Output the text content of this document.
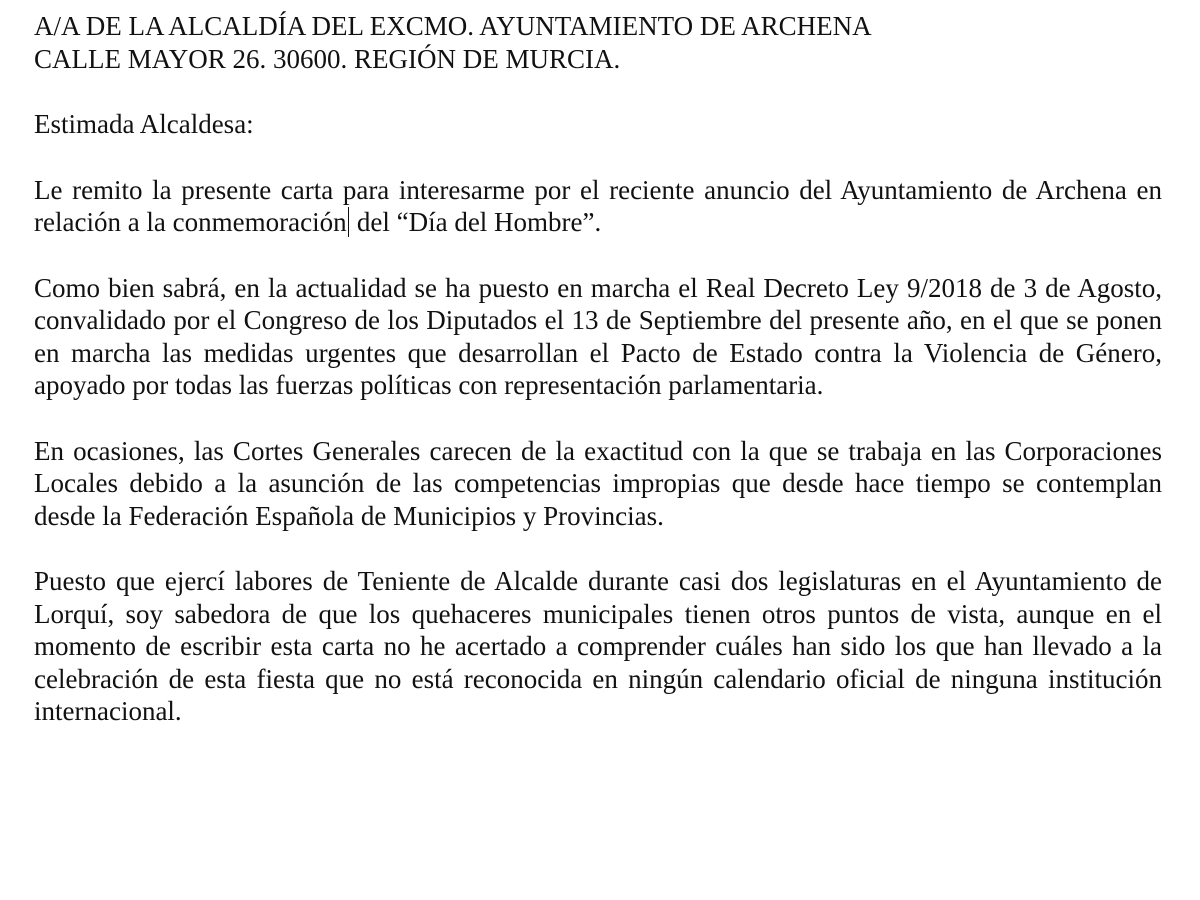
A/A DE LA ALCALDÍA DEL EXCMO. AYUNTAMIENTO DE ARCHENA
CALLE MAYOR 26. 30600. REGIÓN DE MURCIA.

Estimada Alcaldesa:

Le remito la presente carta para interesarme por el reciente anuncio del Ayuntamiento de Archena en relación a la conmemoración del “Día del Hombre”.

Como bien sabrá, en la actualidad se ha puesto en marcha el Real Decreto Ley 9/2018 de 3 de Agosto, convalidado por el Congreso de los Diputados el 13 de Septiembre del presente año, en el que se ponen en marcha las medidas urgentes que desarrollan el Pacto de Estado contra la Violencia de Género, apoyado por todas las fuerzas políticas con representación parlamentaria.

En ocasiones, las Cortes Generales carecen de la exactitud con la que se trabaja en las Corporaciones Locales debido a la asunción de las competencias impropias que desde hace tiempo se contemplan desde la Federación Española de Municipios y Provincias.

Puesto que ejercí labores de Teniente de Alcalde durante casi dos legislaturas en el Ayuntamiento de Lorquí, soy sabedora de que los quehaceres municipales tienen otros puntos de vista, aunque en el momento de escribir esta carta no he acertado a comprender cuáles han sido los que han llevado a la celebración de esta fiesta que no está reconocida en ningún calendario oficial de ninguna institución internacional.
